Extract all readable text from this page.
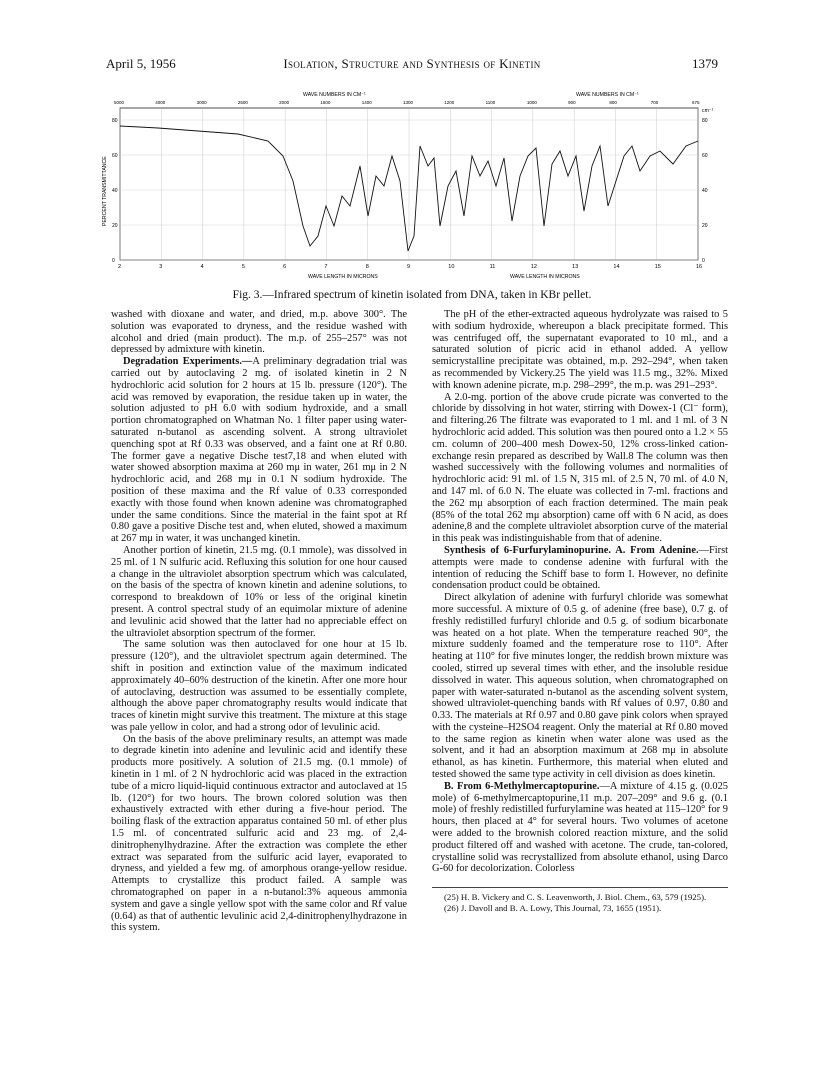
April 5, 1956	Isolation, Structure and Synthesis of Kinetin	1379
5000	4000	3000	2500	2000	1500	1400	1300	1200	1100	1000	900	800	700	675
2	3	4	5	6	7	8	9	10	11	12	13	14	15	16
80	80
60	60
40	40
20	20
0	0
WAVE NUMBERS IN CM⁻¹	WAVE NUMBERS IN CM⁻¹
WAVE LENGTH IN MICRONS	WAVE LENGTH IN MICRONS
PERCENT TRANSMITTANCE
cm⁻¹
Fig. 3.—Infrared spectrum of kinetin isolated from DNA, taken in KBr pellet.

washed with dioxane and water, and dried, m.p. above 300°. The solution was evaporated to dryness, and the residue washed with alcohol and dried (main product). The m.p. of 255–257° was not depressed by admixture with kinetin.

Degradation Experiments.—A preliminary degradation trial was carried out by autoclaving 2 mg. of isolated kinetin in 2 N hydrochloric acid solution for 2 hours at 15 lb. pressure (120°). The acid was removed by evaporation, the residue taken up in water, the solution adjusted to pH 6.0 with sodium hydroxide, and a small portion chromatographed on Whatman No. 1 filter paper using water-saturated n-butanol as ascending solvent. A strong ultraviolet quenching spot at Rf 0.33 was observed, and a faint one at Rf 0.80. The former gave a negative Dische test7,18 and when eluted with water showed absorption maxima at 260 mμ in water, 261 mμ in 2 N hydrochloric acid, and 268 mμ in 0.1 N sodium hydroxide. The position of these maxima and the Rf value of 0.33 corresponded exactly with those found when known adenine was chromatographed under the same conditions. Since the material in the faint spot at Rf 0.80 gave a positive Dische test and, when eluted, showed a maximum at 267 mμ in water, it was unchanged kinetin.

Another portion of kinetin, 21.5 mg. (0.1 mmole), was dissolved in 25 ml. of 1 N sulfuric acid. Refluxing this solution for one hour caused a change in the ultraviolet absorption spectrum which was calculated, on the basis of the spectra of known kinetin and adenine solutions, to correspond to breakdown of 10% or less of the original kinetin present. A control spectral study of an equimolar mixture of adenine and levulinic acid showed that the latter had no appreciable effect on the ultraviolet absorption spectrum of the former.

The same solution was then autoclaved for one hour at 15 lb. pressure (120°), and the ultraviolet spectrum again determined. The shift in position and extinction value of the maximum indicated approximately 40–60% destruction of the kinetin. After one more hour of autoclaving, destruction was assumed to be essentially complete, although the above paper chromatography results would indicate that traces of kinetin might survive this treatment. The mixture at this stage was pale yellow in color, and had a strong odor of levulinic acid.

On the basis of the above preliminary results, an attempt was made to degrade kinetin into adenine and levulinic acid and identify these products more positively. A solution of 21.5 mg. (0.1 mmole) of kinetin in 1 ml. of 2 N hydrochloric acid was placed in the extraction tube of a micro liquid-liquid continuous extractor and autoclaved at 15 lb. (120°) for two hours. The brown colored solution was then exhaustively extracted with ether during a five-hour period. The boiling flask of the extraction apparatus contained 50 ml. of ether plus 1.5 ml. of concentrated sulfuric acid and 23 mg. of 2,4-dinitrophenylhydrazine. After the extraction was complete the ether extract was separated from the sulfuric acid layer, evaporated to dryness, and yielded a few mg. of amorphous orange-yellow residue. Attempts to crystallize this product failed. A sample was chromatographed on paper in a n-butanol:3% aqueous ammonia system and gave a single yellow spot with the same color and Rf value (0.64) as that of authentic levulinic acid 2,4-dinitrophenylhydrazone in this system.

The pH of the ether-extracted aqueous hydrolyzate was raised to 5 with sodium hydroxide, whereupon a black precipitate formed. This was centrifuged off, the supernatant evaporated to 10 ml., and a saturated solution of picric acid in ethanol added. A yellow semicrystalline precipitate was obtained, m.p. 292–294°, when taken as recommended by Vickery.25 The yield was 11.5 mg., 32%. Mixed with known adenine picrate, m.p. 298–299°, the m.p. was 291–293°.

A 2.0-mg. portion of the above crude picrate was converted to the chloride by dissolving in hot water, stirring with Dowex-1 (Cl⁻ form), and filtering.26 The filtrate was evaporated to 1 ml. and 1 ml. of 3 N hydrochloric acid added. This solution was then poured onto a 1.2 × 55 cm. column of 200–400 mesh Dowex-50, 12% cross-linked cation-exchange resin prepared as described by Wall.8 The column was then washed successively with the following volumes and normalities of hydrochloric acid: 91 ml. of 1.5 N, 315 ml. of 2.5 N, 70 ml. of 4.0 N, and 147 ml. of 6.0 N. The eluate was collected in 7-ml. fractions and the 262 mμ absorption of each fraction determined. The main peak (85% of the total 262 mμ absorption) came off with 6 N acid, as does adenine,8 and the complete ultraviolet absorption curve of the material in this peak was indistinguishable from that of adenine.

Synthesis of 6-Furfurylaminopurine. A. From Adenine.—First attempts were made to condense adenine with furfural with the intention of reducing the Schiff base to form I. However, no definite condensation product could be obtained.

Direct alkylation of adenine with furfuryl chloride was somewhat more successful. A mixture of 0.5 g. of adenine (free base), 0.7 g. of freshly redistilled furfuryl chloride and 0.5 g. of sodium bicarbonate was heated on a hot plate. When the temperature reached 90°, the mixture suddenly foamed and the temperature rose to 110°. After heating at 110° for five minutes longer, the reddish brown mixture was cooled, stirred up several times with ether, and the insoluble residue dissolved in water. This aqueous solution, when chromatographed on paper with water-saturated n-butanol as the ascending solvent system, showed ultraviolet-quenching bands with Rf values of 0.97, 0.80 and 0.33. The materials at Rf 0.97 and 0.80 gave pink colors when sprayed with the cysteine–H2SO4 reagent. Only the material at Rf 0.80 moved to the same region as kinetin when water alone was used as the solvent, and it had an absorption maximum at 268 mμ in absolute ethanol, as has kinetin. Furthermore, this material when eluted and tested showed the same type activity in cell division as does kinetin.

B. From 6-Methylmercaptopurine.—A mixture of 4.15 g. (0.025 mole) of 6-methylmercaptopurine,11 m.p. 207–209° and 9.6 g. (0.1 mole) of freshly redistilled furfurylamine was heated at 115–120° for 9 hours, then placed at 4° for several hours. Two volumes of acetone were added to the brownish colored reaction mixture, and the solid product filtered off and washed with acetone. The crude, tan-colored, crystalline solid was recrystallized from absolute ethanol, using Darco G-60 for decolorization. Colorless

(25) H. B. Vickery and C. S. Leavenworth, J. Biol. Chem., 63, 579 (1925).

(26) J. Davoll and B. A. Lowy, This Journal, 73, 1655 (1951).
